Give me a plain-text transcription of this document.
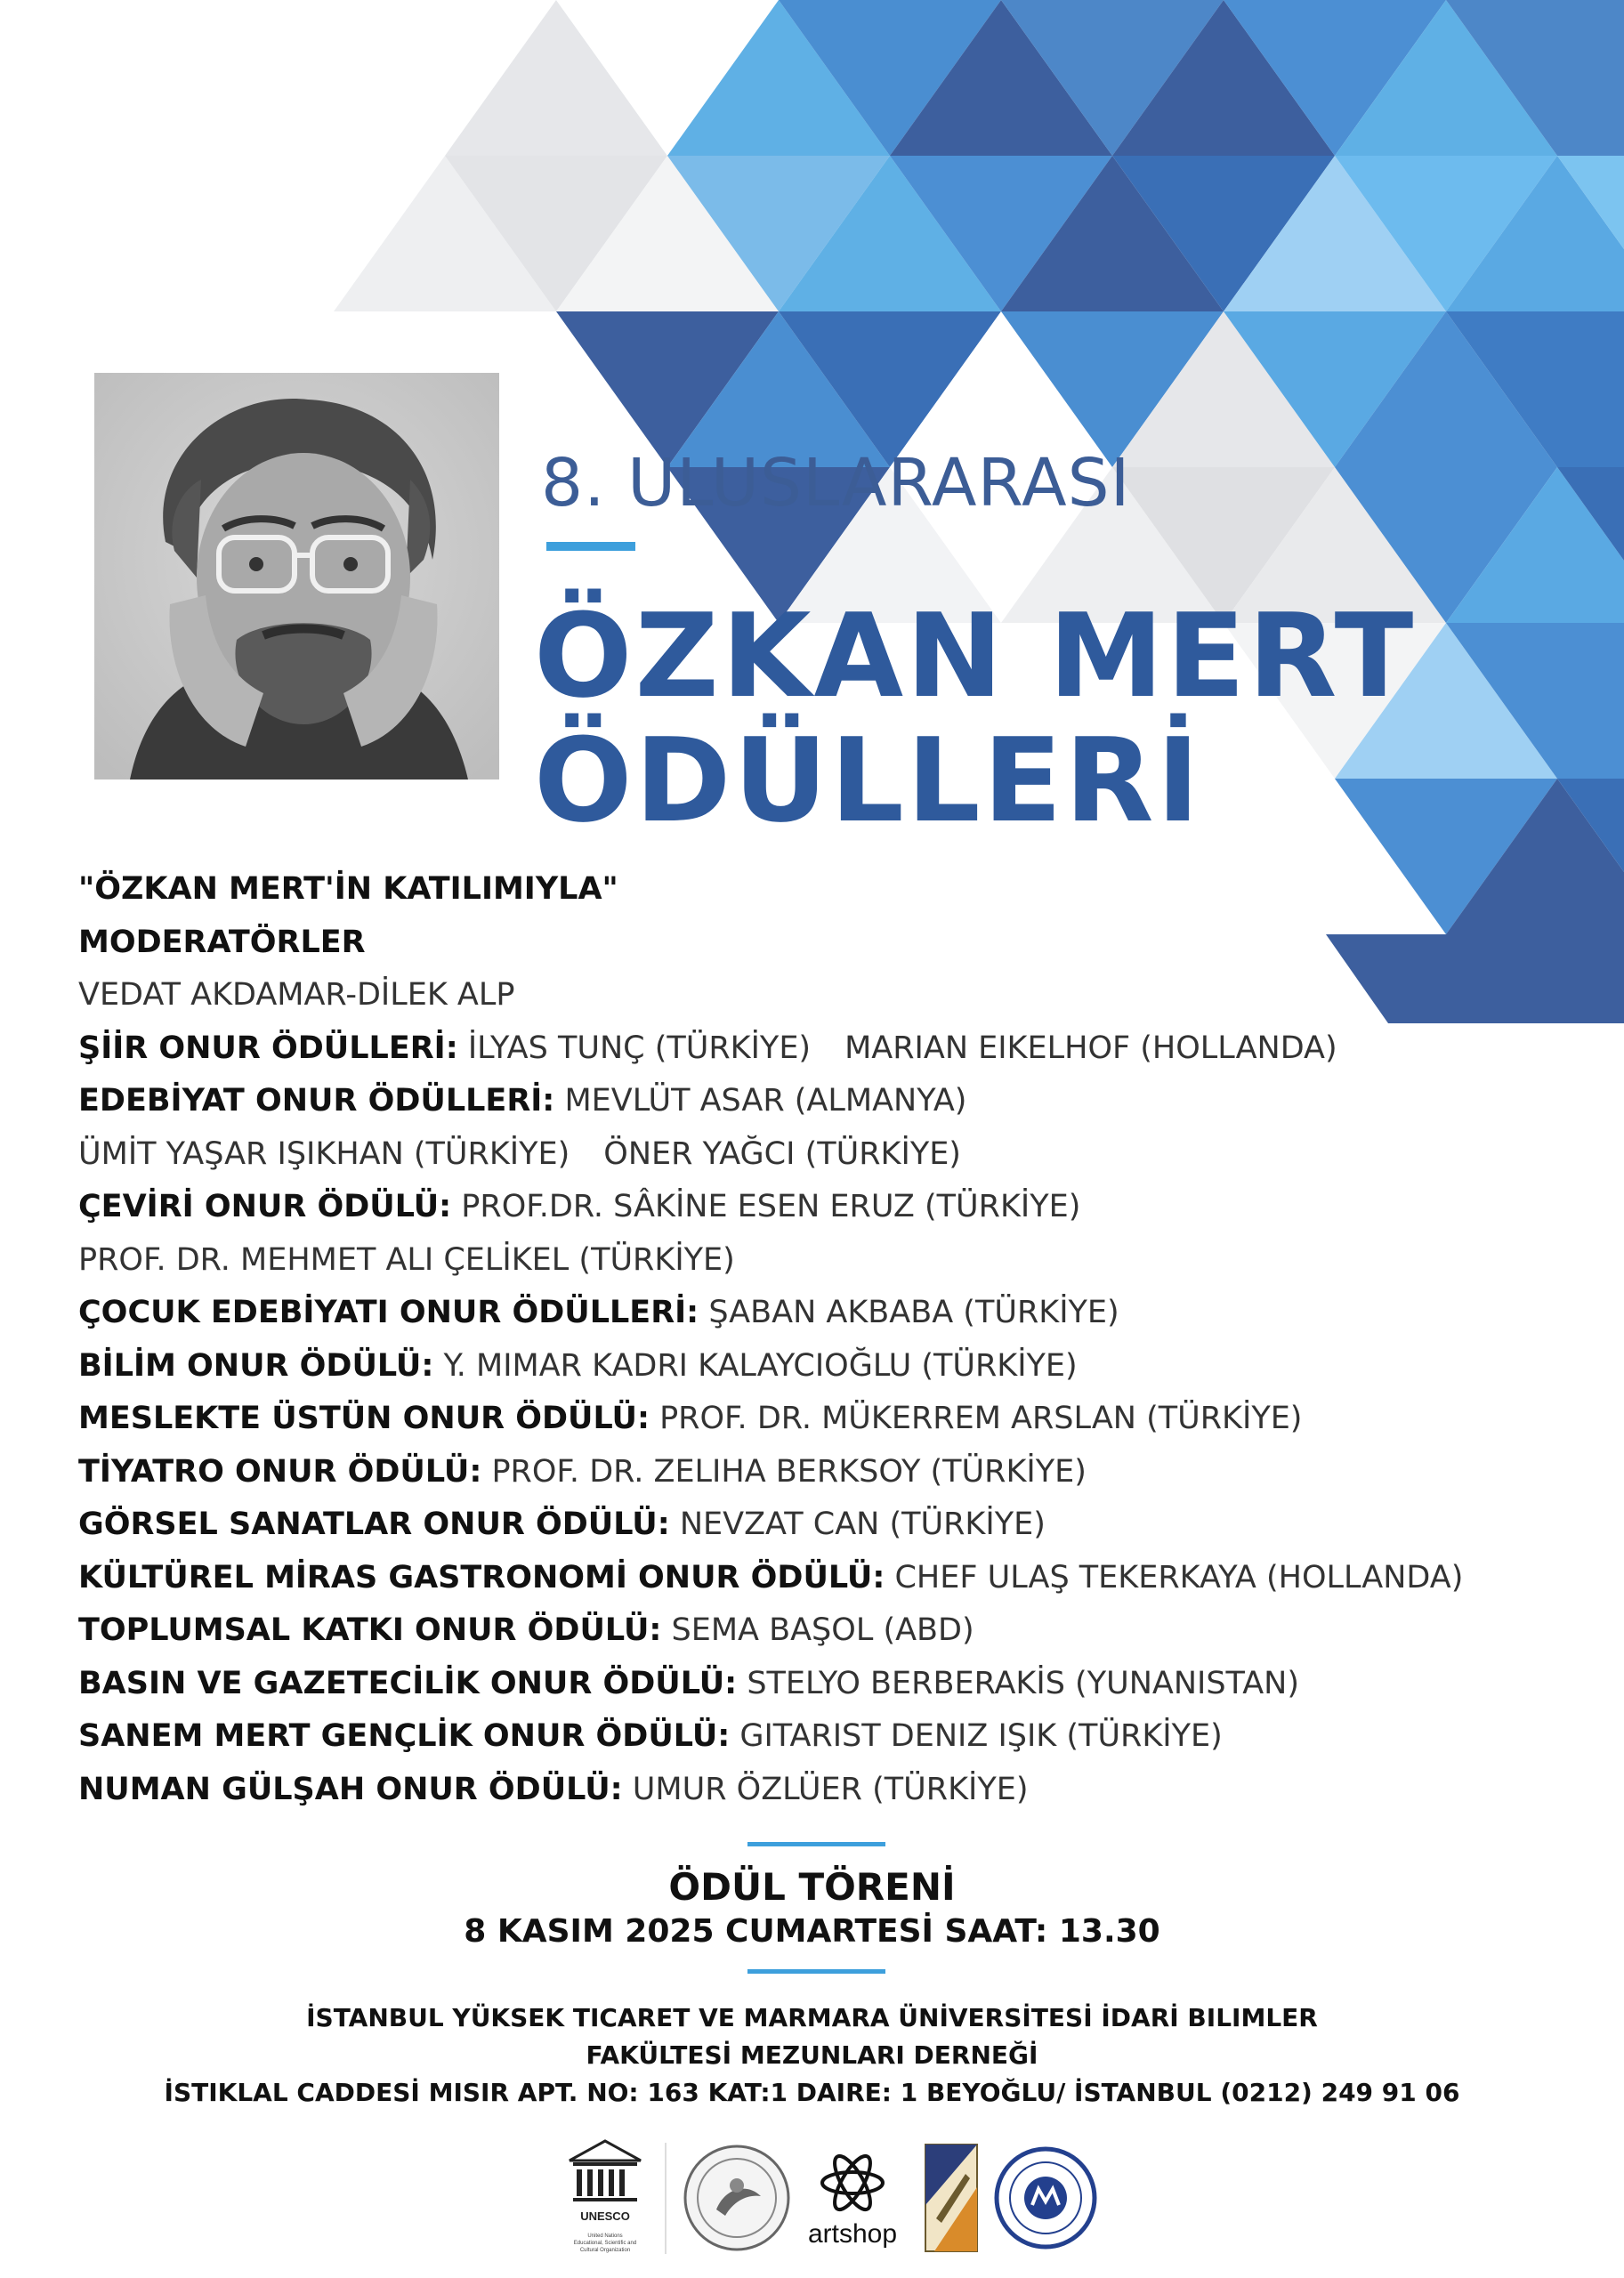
8. ULUSLARARASI
ÖZKAN MERT
ÖDÜLLERİ
"ÖZKAN MERT'İN KATILIMIYLA"
MODERATÖRLER
VEDAT AKDAMAR-DİLEK ALP
ŞİİR ONUR ÖDÜLLERİ: İLYAS TUNÇ (TÜRKİYE) MARIAN EIKELHOF (HOLLANDA)
EDEBİYAT ONUR ÖDÜLLERİ: MEVLÜT ASAR (ALMANYA)
ÜMİT YAŞAR IŞIKHAN (TÜRKİYE) ÖNER YAĞCI (TÜRKİYE)
ÇEVİRİ ONUR ÖDÜLÜ: PROF.DR. SÂKİNE ESEN ERUZ (TÜRKİYE)
PROF. DR. MEHMET ALI ÇELİKEL (TÜRKİYE)
ÇOCUK EDEBİYATI ONUR ÖDÜLLERİ: ŞABAN AKBABA (TÜRKİYE)
BİLİM ONUR ÖDÜLÜ: Y. MIMAR KADRI KALAYCIOĞLU (TÜRKİYE)
MESLEKTE ÜSTÜN ONUR ÖDÜLÜ: PROF. DR. MÜKERREM ARSLAN (TÜRKİYE)
TİYATRO ONUR ÖDÜLÜ: PROF. DR. ZELIHA BERKSOY (TÜRKİYE)
GÖRSEL SANATLAR ONUR ÖDÜLÜ: NEVZAT CAN (TÜRKİYE)
KÜLTÜREL MİRAS GASTRONOMİ ONUR ÖDÜLÜ: CHEF ULAŞ TEKERKAYA (HOLLANDA)
TOPLUMSAL KATKI ONUR ÖDÜLÜ: SEMA BAŞOL (ABD)
BASIN VE GAZETECİLİK ONUR ÖDÜLÜ: STELYO BERBERAKİS (YUNANISTAN)
SANEM MERT GENÇLİK ONUR ÖDÜLÜ: GITARIST DENIZ IŞIK (TÜRKİYE)
NUMAN GÜLŞAH ONUR ÖDÜLÜ: UMUR ÖZLÜER (TÜRKİYE)
ÖDÜL TÖRENİ
8 KASIM 2025 CUMARTESİ SAAT: 13.30
İSTANBUL YÜKSEK TICARET VE MARMARA ÜNİVERSİTESİ İDARİ BILIMLER
FAKÜLTESİ MEZUNLARI DERNEĞİ
İSTIKLAL CADDESİ MISIR APT. NO: 163 KAT:1 DAIRE: 1 BEYOĞLU/ İSTANBUL (0212) 249 91 06
UNESCO
United Nations
Educational, Scientific and
Cultural Organization
artshop
